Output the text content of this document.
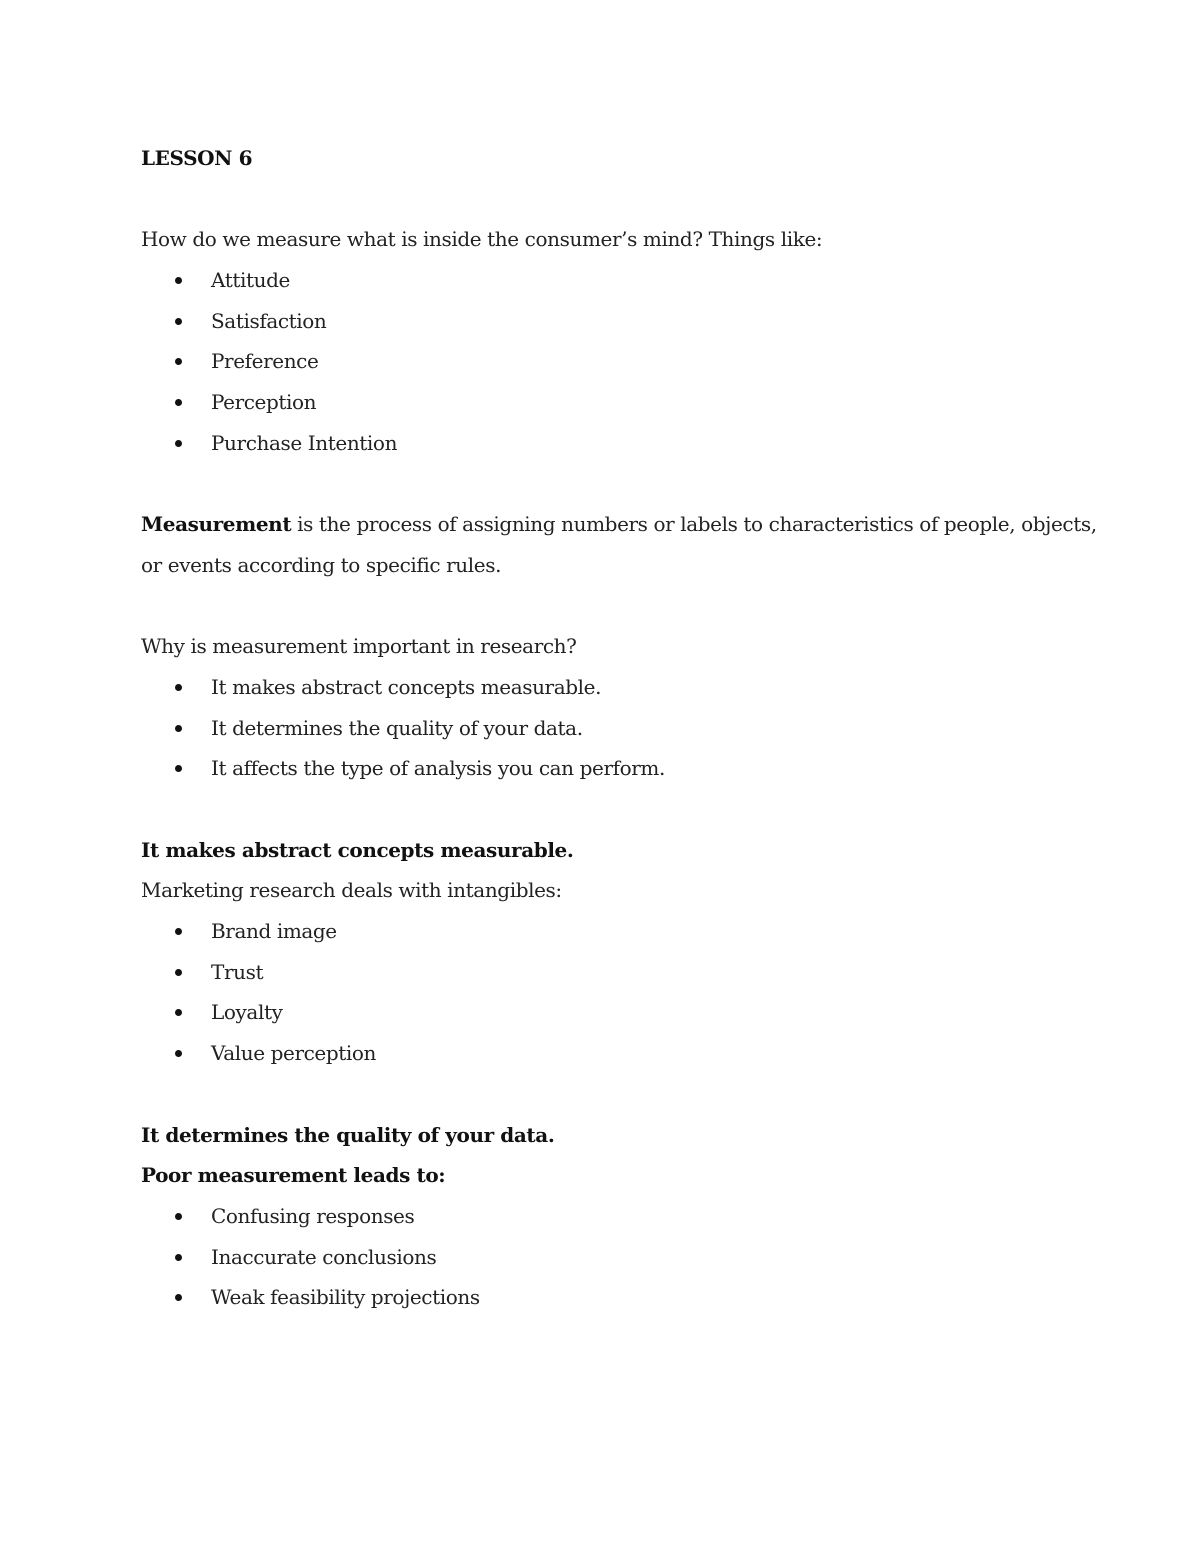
LESSON 6
How do we measure what is inside the consumer’s mind? Things like:
Attitude
Satisfaction
Preference
Perception
Purchase Intention
Measurement is the process of assigning numbers or labels to characteristics of people, objects,
or events according to specific rules.
Why is measurement important in research?
It makes abstract concepts measurable.
It determines the quality of your data.
It affects the type of analysis you can perform.
It makes abstract concepts measurable.
Marketing research deals with intangibles:
Brand image
Trust
Loyalty
Value perception
It determines the quality of your data.
Poor measurement leads to:
Confusing responses
Inaccurate conclusions
Weak feasibility projections
